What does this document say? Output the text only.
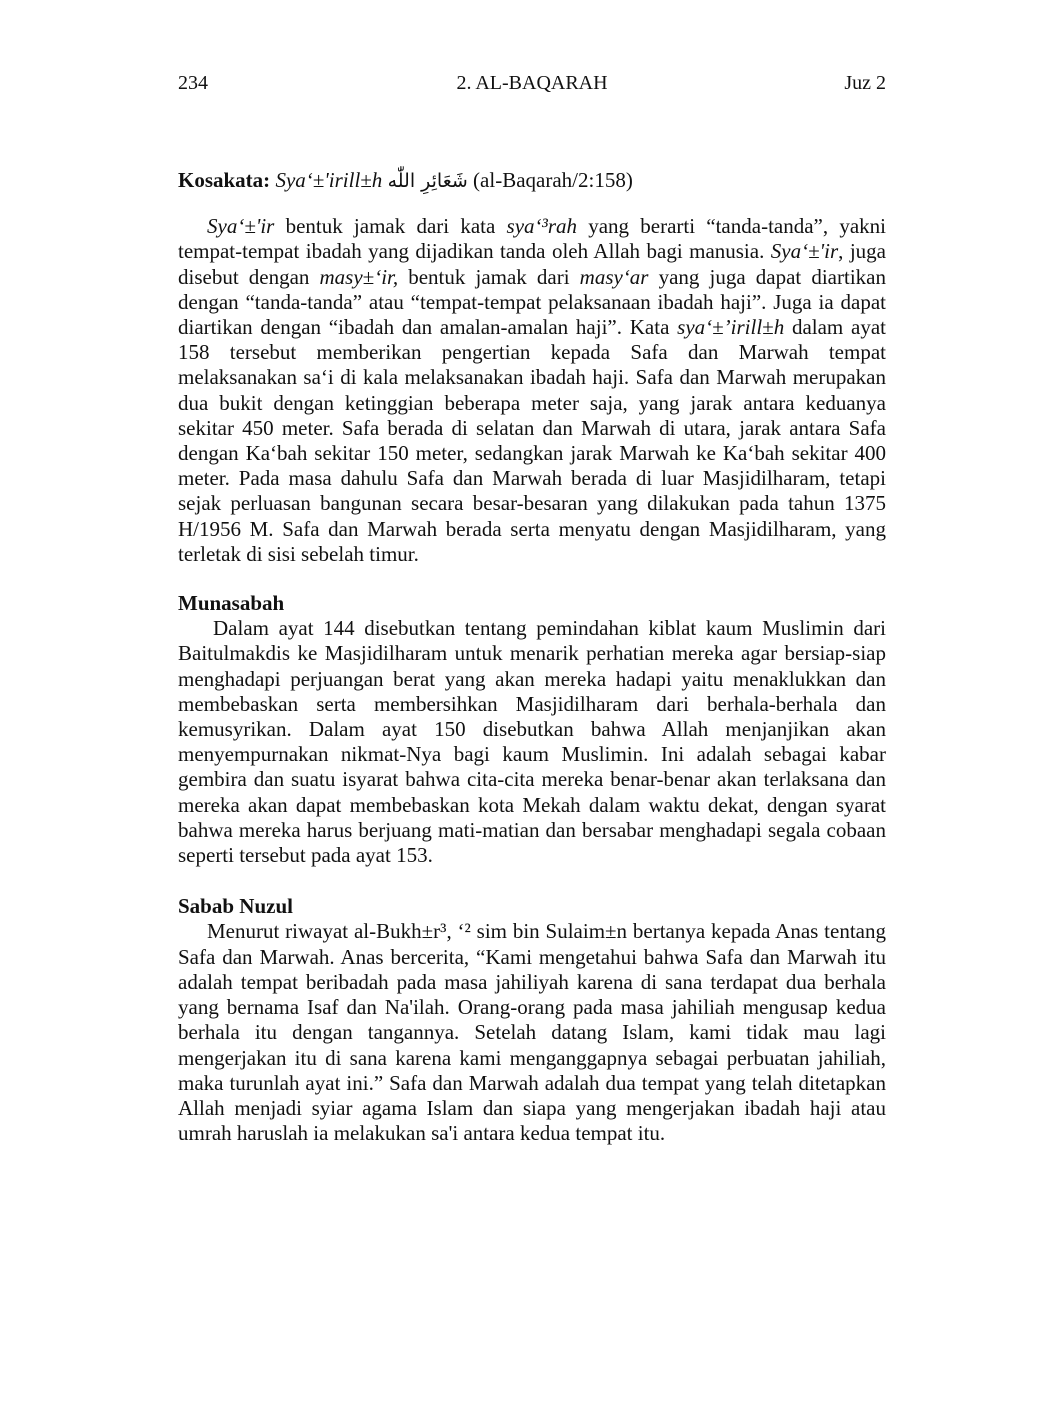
234	2. AL-BAQARAH	Juz 2
Kosakata: Sya‘±'irill±h شَعَائِرِ اللّٰه (al-Baqarah/2:158)

Sya‘±'ir bentuk jamak dari kata sya‘³rah yang berarti “tanda-tanda”, yakni tempat-tempat ibadah yang dijadikan tanda oleh Allah bagi manusia. Sya‘±'ir, juga disebut dengan masy±‘ir, bentuk jamak dari masy‘ar yang juga dapat diartikan dengan “tanda-tanda” atau “tempat-tempat pelaksanaan ibadah haji”. Juga ia dapat diartikan dengan “ibadah dan amalan-amalan haji”. Kata sya‘±’irill±h dalam ayat 158 tersebut memberikan pengertian kepada Safa dan Marwah tempat melaksanakan sa‘i di kala melaksanakan ibadah haji. Safa dan Marwah merupakan dua bukit dengan ketinggian beberapa meter saja, yang jarak antara keduanya sekitar 450 meter. Safa berada di selatan dan Marwah di utara, jarak antara Safa dengan Ka‘bah sekitar 150 meter, sedangkan jarak Marwah ke Ka‘bah sekitar 400 meter. Pada masa dahulu Safa dan Marwah berada di luar Masjidilharam, tetapi sejak perluasan bangunan secara besar-besaran yang dilakukan pada tahun 1375 H/1956 M. Safa dan Marwah berada serta menyatu dengan Masjidilharam, yang terletak di sisi sebelah timur.

Munasabah

Dalam ayat 144 disebutkan tentang pemindahan kiblat kaum Muslimin dari Baitulmakdis ke Masjidilharam untuk menarik perhatian mereka agar bersiap-siap menghadapi perjuangan berat yang akan mereka hadapi yaitu menaklukkan dan membebaskan serta membersihkan Masjidilharam dari berhala-berhala dan kemusyrikan. Dalam ayat 150 disebutkan bahwa Allah menjanjikan akan menyempurnakan nikmat-Nya bagi kaum Muslimin. Ini adalah sebagai kabar gembira dan suatu isyarat bahwa cita-cita mereka benar-benar akan terlaksana dan mereka akan dapat membebaskan kota Mekah dalam waktu dekat, dengan syarat bahwa mereka harus berjuang mati-matian dan bersabar menghadapi segala cobaan seperti tersebut pada ayat 153.

Sabab Nuzul

Menurut riwayat al-Bukh±r³, ‘² sim bin Sulaim±n bertanya kepada Anas tentang Safa dan Marwah. Anas bercerita, “Kami mengetahui bahwa Safa dan Marwah itu adalah tempat beribadah pada masa jahiliyah karena di sana terdapat dua berhala yang bernama Isaf dan Na'ilah. Orang-orang pada masa jahiliah mengusap kedua berhala itu dengan tangannya. Setelah datang Islam, kami tidak mau lagi mengerjakan itu di sana karena kami menganggapnya sebagai perbuatan jahiliah, maka turunlah ayat ini.” Safa dan Marwah adalah dua tempat yang telah ditetapkan Allah menjadi syiar agama Islam dan siapa yang mengerjakan ibadah haji atau umrah haruslah ia melakukan sa'i antara kedua tempat itu.
